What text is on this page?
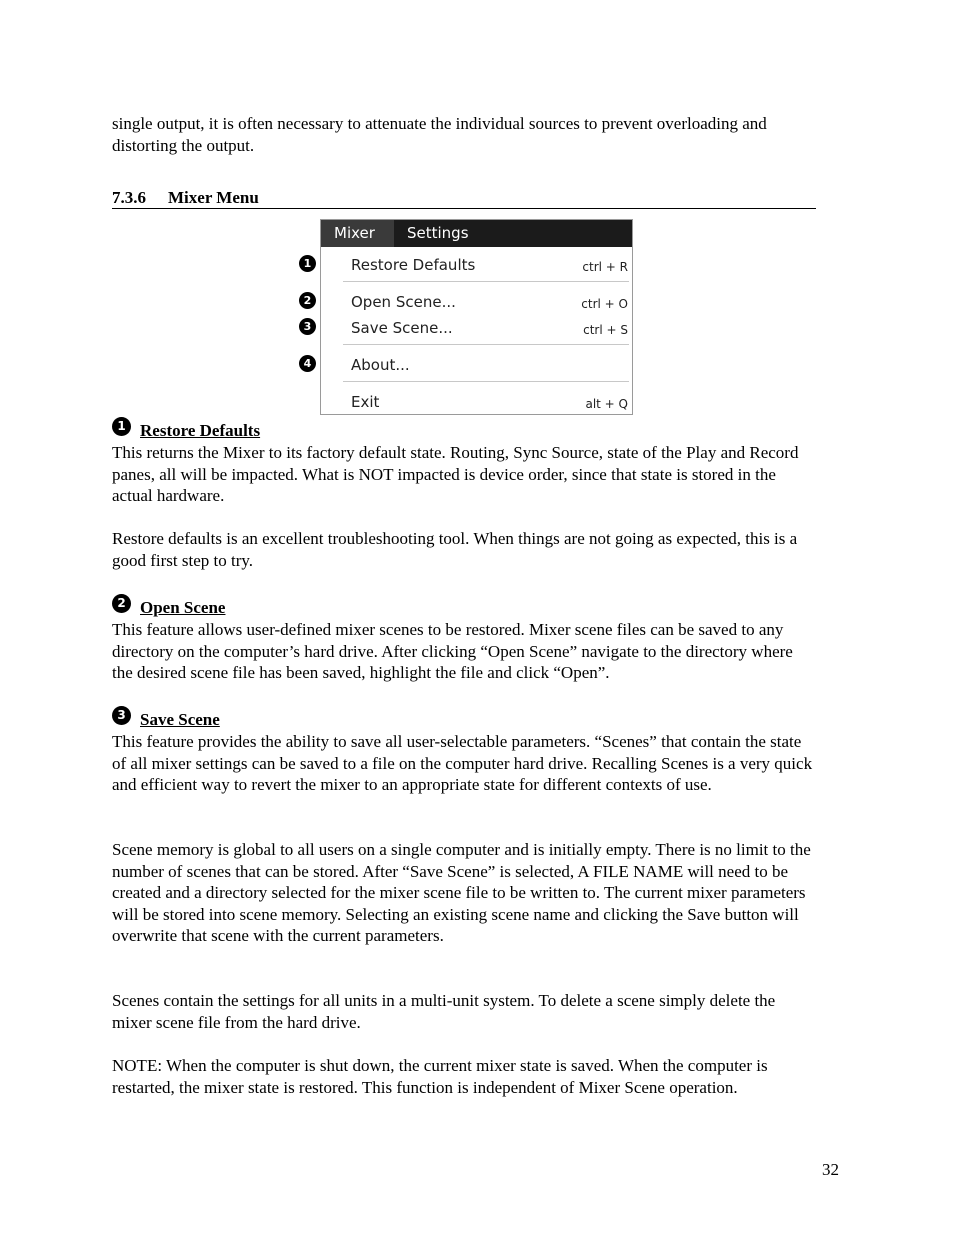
single output, it is often necessary to attenuate the individual sources to prevent overloading and distorting the output.

7.3.6 Mixer Menu
1
2
3
4
Mixer	Settings
Restore Defaults	ctrl + R
Open Scene...	ctrl + O
Save Scene...	ctrl + S
About...
Exit	alt + Q
1 Restore Defaults

This returns the Mixer to its factory default state. Routing, Sync Source, state of the Play and Record panes, all will be impacted. What is NOT impacted is device order, since that state is stored in the actual hardware.

Restore defaults is an excellent troubleshooting tool. When things are not going as expected, this is a good first step to try.

2 Open Scene

This feature allows user-defined mixer scenes to be restored. Mixer scene files can be saved to any directory on the computer’s hard drive. After clicking “Open Scene” navigate to the directory where the desired scene file has been saved, highlight the file and click “Open”.

3 Save Scene

This feature provides the ability to save all user-selectable parameters. “Scenes” that contain the state of all mixer settings can be saved to a file on the computer hard drive. Recalling Scenes is a very quick and efficient way to revert the mixer to an appropriate state for different contexts of use.

Scene memory is global to all users on a single computer and is initially empty. There is no limit to the number of scenes that can be stored. After “Save Scene” is selected, A FILE NAME will need to be created and a directory selected for the mixer scene file to be written to. The current mixer parameters will be stored into scene memory. Selecting an existing scene name and clicking the Save button will overwrite that scene with the current parameters.

Scenes contain the settings for all units in a multi-unit system. To delete a scene simply delete the mixer scene file from the hard drive.

NOTE: When the computer is shut down, the current mixer state is saved. When the computer is restarted, the mixer state is restored. This function is independent of Mixer Scene operation.

32
